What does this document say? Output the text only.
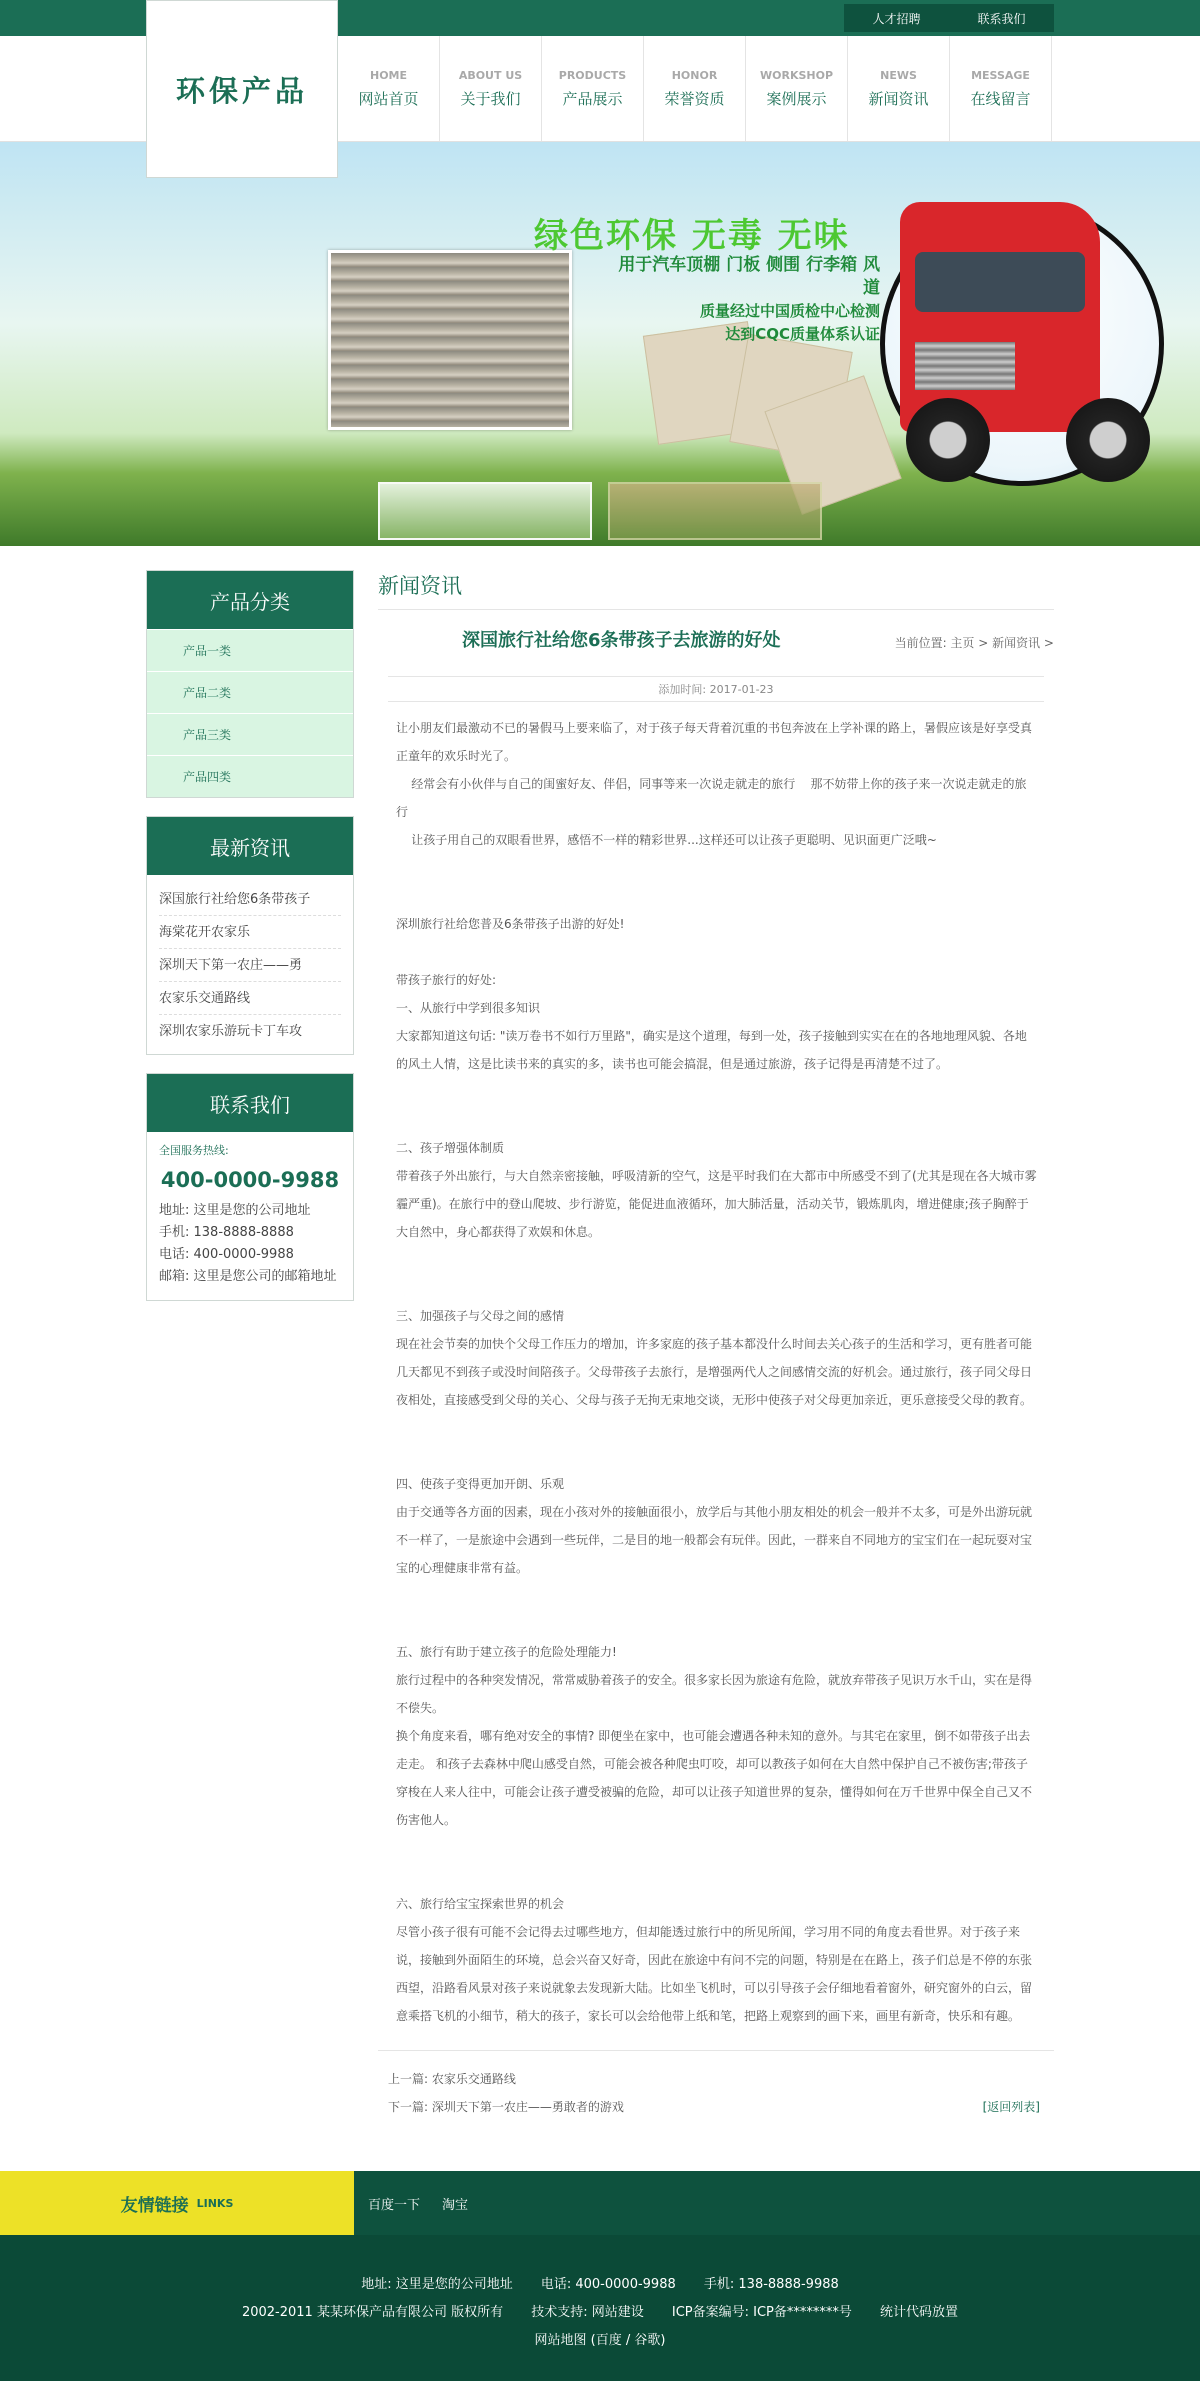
人才招聘	联系我们
环保产品	HOME
网站首页
ABOUT US
关于我们
PRODUCTS
产品展示
HONOR
荣誉资质
WORKSHOP
案例展示
NEWS
新闻资讯
MESSAGE
在线留言
绿色环保 无毒 无味
用于汽车顶棚 门板 侧围 行李箱 风道
质量经过中国质检中心检测
达到CQC质量体系认证
产品分类
产品一类
产品二类
产品三类
产品四类
最新资讯
深国旅行社给您6条带孩子
海棠花开农家乐
深圳天下第一农庄——勇
农家乐交通路线
深圳农家乐游玩卡丁车攻
联系我们
全国服务热线:
400-0000-9988
地址: 这里是您的公司地址
手机: 138-8888-8888
电话: 400-0000-9988
邮箱: 这里是您公司的邮箱地址
新闻资讯
深国旅行社给您6条带孩子去旅游的好处	当前位置: 主页 > 新闻资讯 >
添加时间: 2017-01-23

让小朋友们最激动不已的暑假马上要来临了，对于孩子每天背着沉重的书包奔波在上学补课的路上，暑假应该是好享受真正童年的欢乐时光了。

经常会有小伙伴与自己的闺蜜好友、伴侣，同事等来一次说走就走的旅行    那不妨带上你的孩子来一次说走就走的旅行

让孩子用自己的双眼看世界，感悟不一样的精彩世界...这样还可以让孩子更聪明、见识面更广泛哦~

深圳旅行社给您普及6条带孩子出游的好处!

带孩子旅行的好处:

一、从旅行中学到很多知识

大家都知道这句话: "读万卷书不如行万里路"，确实是这个道理，每到一处，孩子接触到实实在在的各地地理风貌、各地的风土人情，这是比读书来的真实的多，读书也可能会搞混，但是通过旅游，孩子记得是再清楚不过了。

二、孩子增强体制质

带着孩子外出旅行，与大自然亲密接触，呼吸清新的空气，这是平时我们在大都市中所感受不到了(尤其是现在各大城市雾霾严重)。在旅行中的登山爬坡、步行游览，能促进血液循环，加大肺活量，活动关节，锻炼肌肉，增进健康;孩子胸醉于大自然中，身心都获得了欢娱和休息。

三、加强孩子与父母之间的感情

现在社会节奏的加快个父母工作压力的增加，许多家庭的孩子基本都没什么时间去关心孩子的生活和学习，更有胜者可能几天都见不到孩子或没时间陪孩子。父母带孩子去旅行，是增强两代人之间感情交流的好机会。通过旅行，孩子同父母日夜相处，直接感受到父母的关心、父母与孩子无拘无束地交谈，无形中使孩子对父母更加亲近，更乐意接受父母的教育。

四、使孩子变得更加开朗、乐观

由于交通等各方面的因素，现在小孩对外的接触面很小，放学后与其他小朋友相处的机会一般并不太多，可是外出游玩就不一样了，一是旅途中会遇到一些玩伴，二是目的地一般都会有玩伴。因此，一群来自不同地方的宝宝们在一起玩耍对宝宝的心理健康非常有益。

五、旅行有助于建立孩子的危险处理能力!

旅行过程中的各种突发情况，常常威胁着孩子的安全。很多家长因为旅途有危险，就放弃带孩子见识万水千山，实在是得不偿失。

换个角度来看，哪有绝对安全的事情? 即便坐在家中，也可能会遭遇各种未知的意外。与其宅在家里，倒不如带孩子出去走走。 和孩子去森林中爬山感受自然，可能会被各种爬虫叮咬，却可以教孩子如何在大自然中保护自己不被伤害;带孩子穿梭在人来人往中，可能会让孩子遭受被骗的危险，却可以让孩子知道世界的复杂，懂得如何在万千世界中保全自己又不伤害他人。

六、旅行给宝宝探索世界的机会

尽管小孩子很有可能不会记得去过哪些地方，但却能透过旅行中的所见所闻，学习用不同的角度去看世界。对于孩子来说，接触到外面陌生的环境，总会兴奋又好奇，因此在旅途中有问不完的问题，特别是在在路上，孩子们总是不停的东张西望，沿路看风景对孩子来说就象去发现新大陆。比如坐飞机时，可以引导孩子会仔细地看着窗外，研究窗外的白云，留意乘搭飞机的小细节，稍大的孩子，家长可以会给他带上纸和笔，把路上观察到的画下来，画里有新奇，快乐和有趣。

上一篇: 农家乐交通路线
下一篇: 深圳天下第一农庄——勇敢者的游戏	[返回列表]
友情链接 LINKS	百度一下 淘宝
地址: 这里是您的公司地址 电话: 400-0000-9988 手机: 138-8888-9988
2002-2011 某某环保产品有限公司 版权所有 技术支持: 网站建设 ICP备案编号: ICP备********号 统计代码放置
网站地图 (百度 / 谷歌)
